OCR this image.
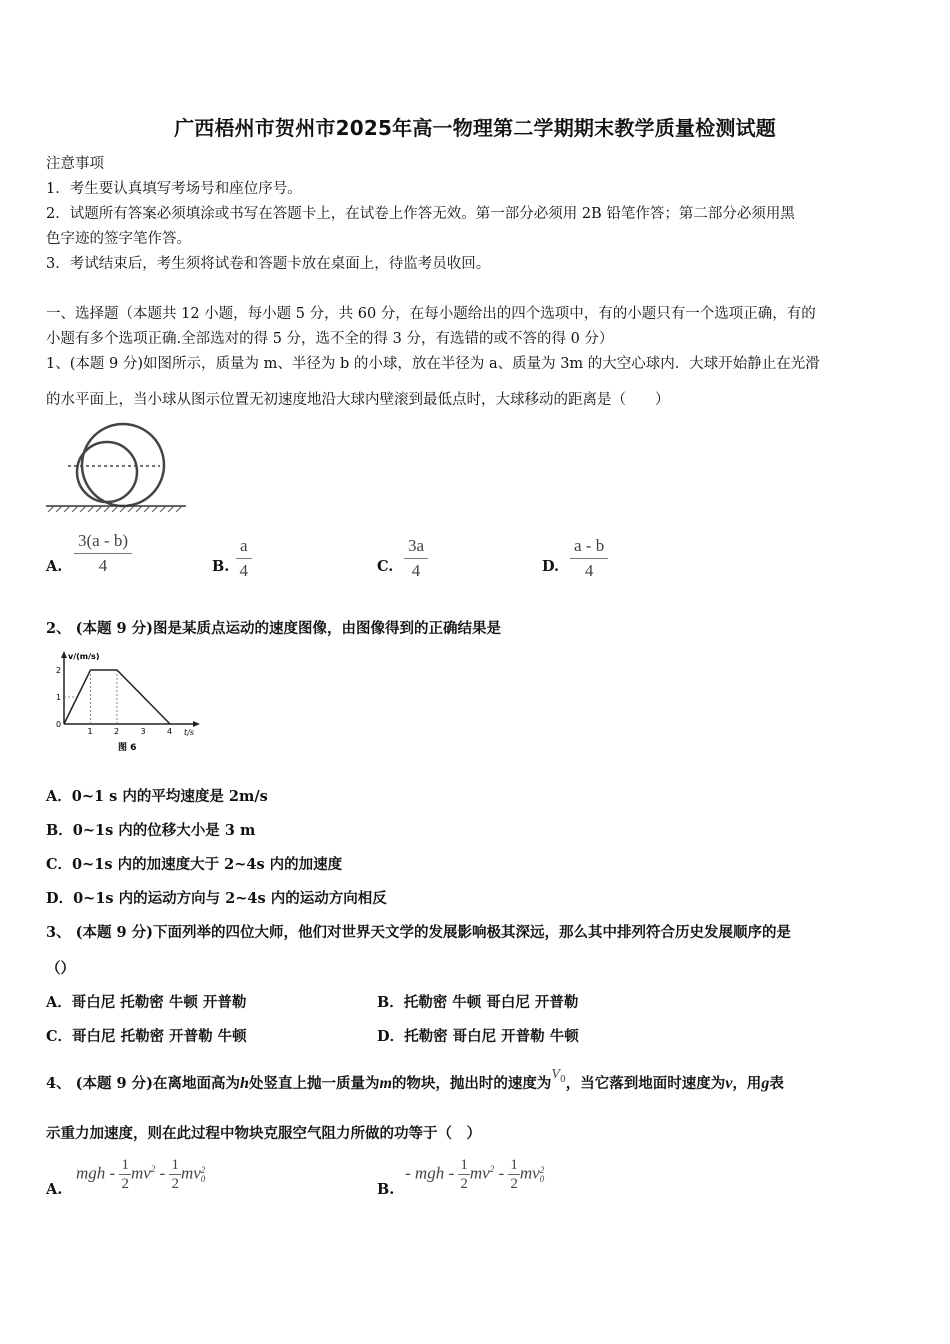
广西梧州市贺州市2025年高一物理第二学期期末教学质量检测试题
注意事项
1．考生要认真填写考场号和座位序号。
2．试题所有答案必须填涂或书写在答题卡上，在试卷上作答无效。第一部分必须用 2B 铅笔作答；第二部分必须用黑
色字迹的签字笔作答。
3．考试结束后，考生须将试卷和答题卡放在桌面上，待监考员收回。
一、选择题（本题共 12 小题，每小题 5 分，共 60 分，在每小题给出的四个选项中，有的小题只有一个选项正确，有的
小题有多个选项正确.全部选对的得 5 分，选不全的得 3 分，有选错的或不答的得 0 分）
1、(本题 9 分)如图所示，质量为 m、半径为 b 的小球，放在半径为 a、质量为 3m 的大空心球内．大球开始静止在光滑
的水平面上，当小球从图示位置无初速度地沿大球内壁滚到最低点时，大球移动的距离是（　　）
A. $\frac{3(a - b)}{4}$	B. $\frac{a}{4}$	C. $\frac{3a}{4}$	D. $\frac{a - b}{4}$
2、 (本题 9 分)图是某质点运动的速度图像，由图像得到的正确结果是
v/(m/s)
t/s
1	2	3	4
2
1
0
图 6
A．0~1 s 内的平均速度是 2m/s
B．0~1s 内的位移大小是 3 m
C．0~1s 内的加速度大于 2~4s 内的加速度
D．0~1s 内的运动方向与 2~4s 内的运动方向相反
3、 (本题 9 分)下面列举的四位大师，他们对世界天文学的发展影响极其深远，那么其中排列符合历史发展顺序的是
（）
A．哥白尼 托勒密 牛顿 开普勒	B．托勒密 牛顿 哥白尼 开普勒
C．哥白尼 托勒密 开普勒 牛顿	D．托勒密 哥白尼 开普勒 牛顿
4、 (本题 9 分)在离地面高为h处竖直上抛一质量为m的物块，抛出时的速度为$V_0$，当它落到地面时速度为v，用g表
示重力加速度，则在此过程中物块克服空气阻力所做的功等于（　）
A.
mgh - $\frac{1}{2} mv^2 - \frac{1}{2}$ mv 2
0
B.
- mgh - $\frac{1}{2} mv^2 - \frac{1}{2}$ mv 2
0
